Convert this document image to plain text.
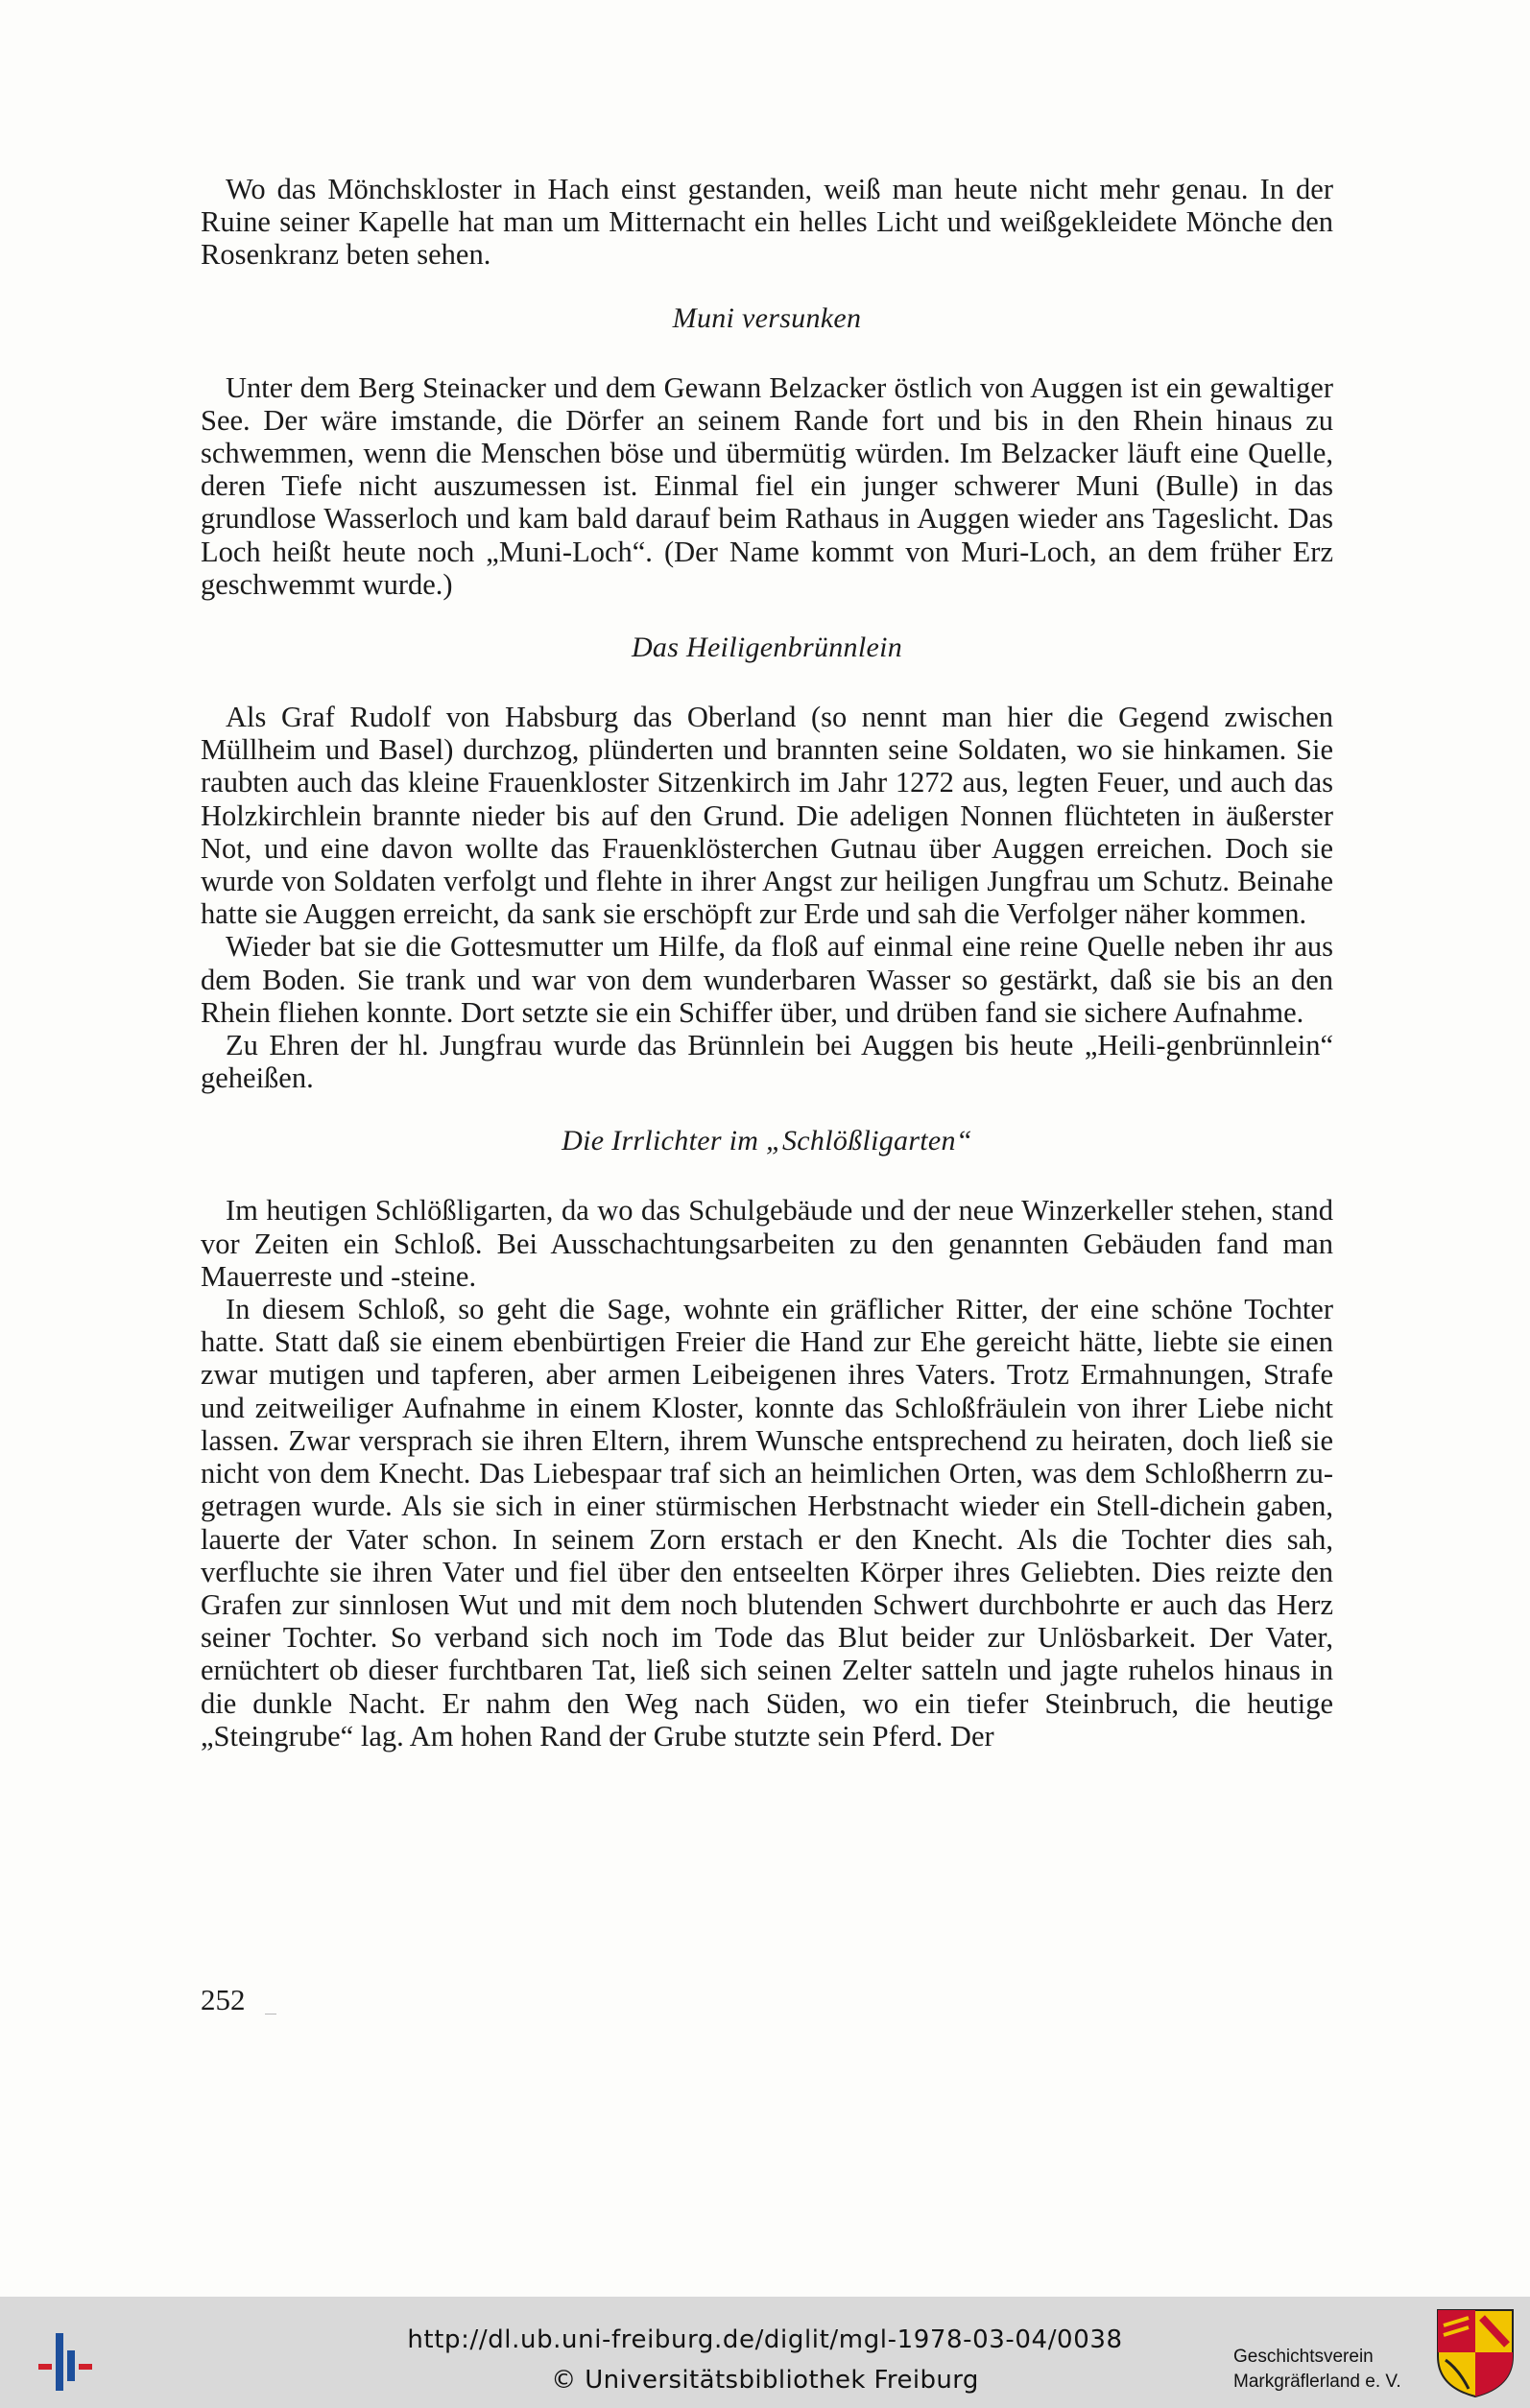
Wo das Mönchskloster in Hach einst gestanden, weiß man heute nicht mehr genau. In der Ruine seiner Kapelle hat man um Mitternacht ein helles Licht und weißgekleidete Mönche den Rosenkranz beten sehen.

Muni versunken

Unter dem Berg Steinacker und dem Gewann Belzacker östlich von Auggen ist ein gewaltiger See. Der wäre imstande, die Dörfer an seinem Rande fort und bis in den Rhein hinaus zu schwemmen, wenn die Menschen böse und übermütig würden. Im Belzacker läuft eine Quelle, deren Tiefe nicht auszumessen ist. Einmal fiel ein junger schwerer Muni (Bulle) in das grundlose Wasserloch und kam bald darauf beim Rathaus in Auggen wieder ans Tageslicht. Das Loch heißt heute noch „Muni-Loch“. (Der Name kommt von Muri-Loch, an dem früher Erz geschwemmt wurde.)

Das Heiligenbrünnlein

Als Graf Rudolf von Habsburg das Oberland (so nennt man hier die Gegend zwischen Müllheim und Basel) durchzog, plünderten und brannten seine Soldaten, wo sie hinkamen. Sie raubten auch das kleine Frauenkloster Sitzenkirch im Jahr 1272 aus, legten Feuer, und auch das Holzkirchlein brannte nieder bis auf den Grund. Die adeligen Nonnen flüchteten in äußerster Not, und eine davon wollte das Frauenklösterchen Gutnau über Auggen erreichen. Doch sie wurde von Soldaten verfolgt und flehte in ihrer Angst zur heiligen Jungfrau um Schutz. Beinahe hatte sie Auggen erreicht, da sank sie erschöpft zur Erde und sah die Verfolger näher kommen.

Wieder bat sie die Gottesmutter um Hilfe, da floß auf einmal eine reine Quelle neben ihr aus dem Boden. Sie trank und war von dem wunderbaren Wasser so gestärkt, daß sie bis an den Rhein fliehen konnte. Dort setzte sie ein Schiffer über, und drüben fand sie sichere Aufnahme.

Zu Ehren der hl. Jungfrau wurde das Brünnlein bei Auggen bis heute „Heili-genbrünnlein“ geheißen.

Die Irrlichter im „Schlößligarten“

Im heutigen Schlößligarten, da wo das Schulgebäude und der neue Winzerkeller stehen, stand vor Zeiten ein Schloß. Bei Ausschachtungsarbeiten zu den genannten Gebäuden fand man Mauerreste und -steine.

In diesem Schloß, so geht die Sage, wohnte ein gräflicher Ritter, der eine schöne Tochter hatte. Statt daß sie einem ebenbürtigen Freier die Hand zur Ehe gereicht hätte, liebte sie einen zwar mutigen und tapferen, aber armen Leibeigenen ihres Vaters. Trotz Ermahnungen, Strafe und zeitweiliger Aufnahme in einem Kloster, konnte das Schloßfräulein von ihrer Liebe nicht lassen. Zwar versprach sie ihren Eltern, ihrem Wunsche entsprechend zu heiraten, doch ließ sie nicht von dem Knecht. Das Liebespaar traf sich an heimlichen Orten, was dem Schloßherrn zu-getragen wurde. Als sie sich in einer stürmischen Herbstnacht wieder ein Stell-dichein gaben, lauerte der Vater schon. In seinem Zorn erstach er den Knecht. Als die Tochter dies sah, verfluchte sie ihren Vater und fiel über den entseelten Körper ihres Geliebten. Dies reizte den Grafen zur sinnlosen Wut und mit dem noch blutenden Schwert durchbohrte er auch das Herz seiner Tochter. So verband sich noch im Tode das Blut beider zur Unlösbarkeit. Der Vater, ernüchtert ob dieser furchtbaren Tat, ließ sich seinen Zelter satteln und jagte ruhelos hinaus in die dunkle Nacht. Er nahm den Weg nach Süden, wo ein tiefer Steinbruch, die heutige „Steingrube“ lag. Am hohen Rand der Grube stutzte sein Pferd. Der

252
http://dl.ub.uni-freiburg.de/diglit/mgl-1978-03-04/0038
© Universitätsbibliothek Freiburg
Geschichtsverein
Markgräflerland e. V.
